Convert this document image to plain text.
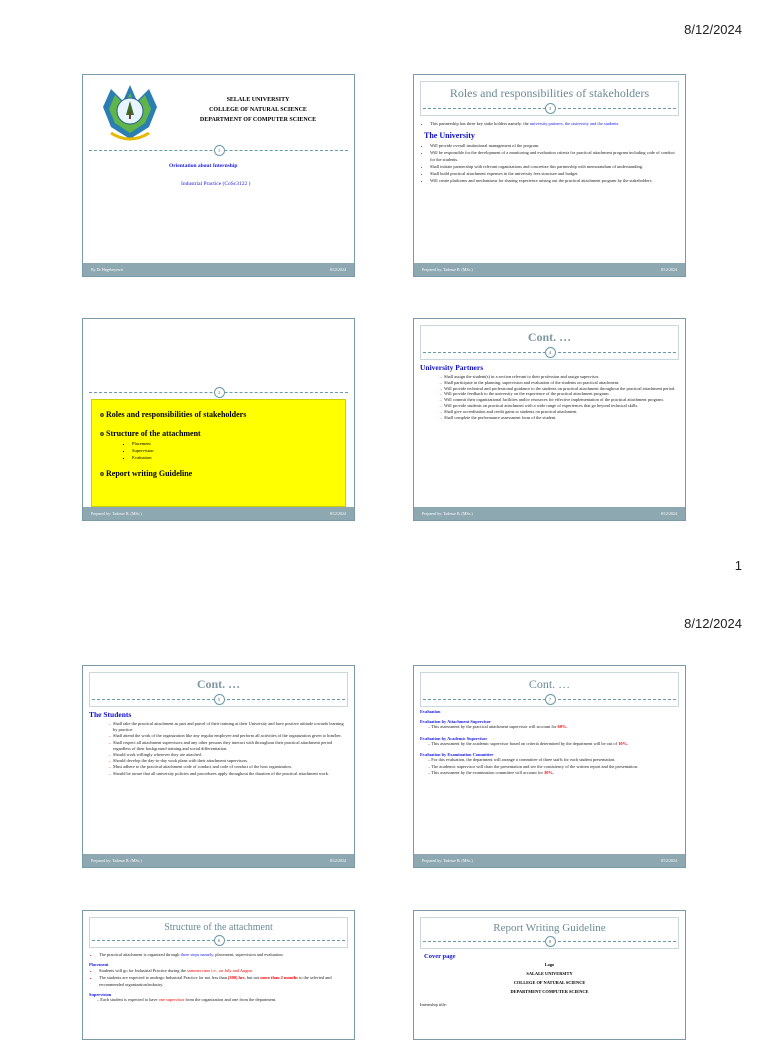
8/12/2024
SELALE UNIVERSITY
COLLEGE OF NATURAL SCIENCE
DEPARTMENT OF COMPUTER SCIENCE
1
Orientation about Internship
Industrial Practice (CoSc3122 )
By Dr Hegebeyewit	8/12/2024
Roles and responsibilities of stakeholders
3
• This partnership has three key stake holders namely: the university partners, the university and the students.
The University
• Will provide overall institutional management of the program.
• Will be responsible for the development of a monitoring and evaluation criteria for practical attachment program including code of conduct for the students.
• Shall initiate partnership with relevant organizations and concretize this partnership with memorandum of understanding.
• Shall build practical attachment expenses in the university fees structure and budget.
• Will create platforms and mechanisms for sharing experience arising out the practical attachment program by the stakeholders.
Prepared by: Tadesse B. (MSc.)	8/12/2024
2
o Roles and responsibilities of stakeholders
o Structure of the attachment
▪ Placement
▪ Supervision
▪ Evaluation
o Report writing Guideline
Prepared by: Tadesse B. (MSc.)	8/12/2024
Cont. …
4
University Partners
– Shall assign the student(s) in a section relevant to their profession and assign supervisor.
– Shall participate in the planning, supervision and evaluation of the students on practical attachment.
– Will provide technical and professional guidance to the students on practical attachment throughout the practical attachment period.
– Will provide feedback to the university on the experience of the practical attachment program.
– Will commit their organizational facilities and/or resources for effective implementation of the practical attachment program.
– Will provide students on practical attachment with a wide range of experiences that go beyond technical skills.
– Shall give accreditation and credit gains to students on practical attachment.
– Shall complete the performance assessment form of the student.
Prepared by: Tadesse B. (MSc.)	8/12/2024
1
8/12/2024
Cont. …
5
The Students
– Shall take the practical attachment as part and parcel of their training at their University and have positive attitude towards learning by practice.
– Shall attend the work of the organization like any regular employee and perform all activities of the organization given to him/her.
– Shall respect all attachment supervisors and any other persons they interact with throughout their practical attachment period regardless of their background training and social differentiation.
– Should work willingly wherever they are attached.
– Should develop the day-to-day work plans with their attachment supervisors.
– Must adhere to the practical attachment code of conduct and code of conduct of the host organization.
– Should be aware that all university policies and procedures apply throughout the duration of the practical attachment work.
Prepared by: Tadesse B. (MSc.)	8/12/2024
Cont. …
7
Evaluation
Evaluation by Attachment Supervisor
– This assessment by the practical attachment supervisor will account for 60%.
Evaluation by Academic Supervisor
– This assessment by the academic supervisor based on criteria determined by the department will be out of 10%.
Evaluation by Examination Committee
– For this evaluation, the department will arrange a committee of three staffs for each student presentation.
– The academic supervisor will chair the presentation and see the consistency of the written report and the presentation.
– This assessment by the examination committee will account for 30%.
Prepared by: Tadesse B. (MSc.)	8/12/2024
Structure of the attachment
6
• The practical attachment is organized through three steps namely, placement, supervision and evaluation.
Placement
• Students will go for Industrial Practice during the summer time i.e., on July and August
• The students are expected to undergo Industrial Practice for not less than (300) hrs, but not more than 2 months to the selected and recommended organization/industry.
Supervision
– Each student is expected to have one supervisor from the organization and one from the department.
Report Writing Guideline
8
Cover page
Logo
SALALE UNIVERSITY
COLLEGE OF NATURAL SCIENCE
DEPARTMENT COMPUTER SCIENCE
Internship title:
